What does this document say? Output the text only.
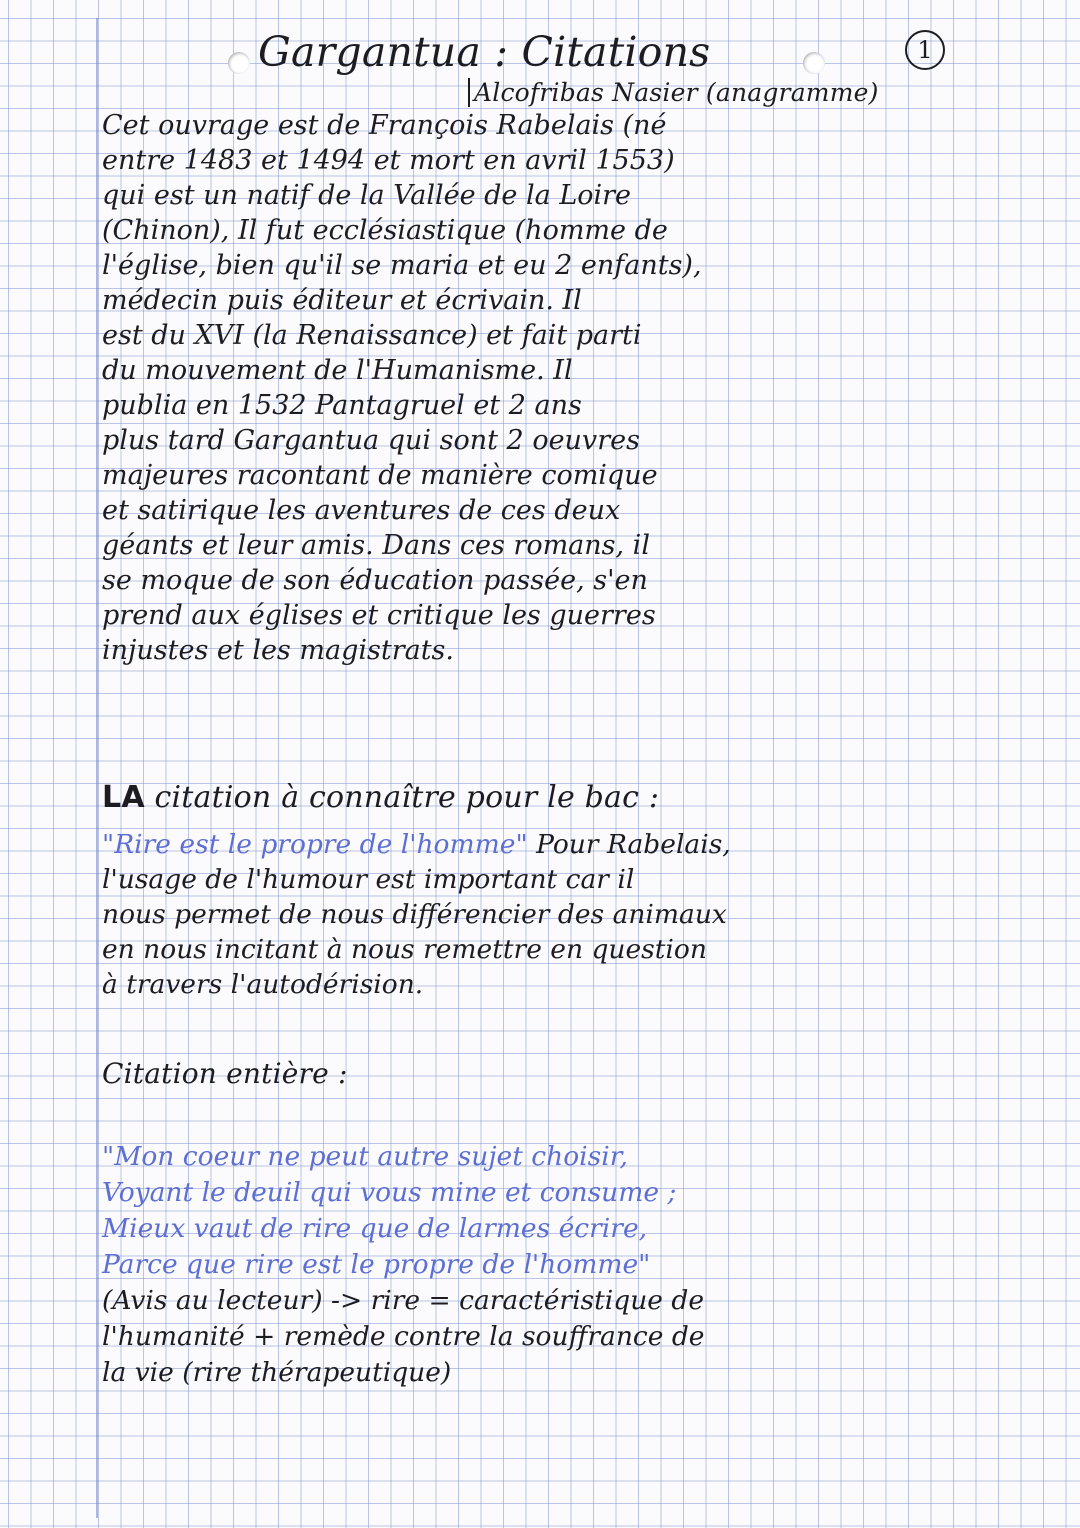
Gargantua : Citations	1
Alcofribas Nasier (anagramme)
Cet ouvrage est de François Rabelais (né
entre 1483 et 1494 et mort en avril 1553)
qui est un natif de la Vallée de la Loire
(Chinon), Il fut ecclésiastique (homme de
l'église, bien qu'il se maria et eu 2 enfants),
médecin puis éditeur et écrivain. Il
est du XVI (la Renaissance) et fait parti
du mouvement de l'Humanisme. Il
publia en 1532 Pantagruel et 2 ans
plus tard Gargantua qui sont 2 oeuvres
majeures racontant de manière comique
et satirique les aventures de ces deux
géants et leur amis. Dans ces romans, il
se moque de son éducation passée, s'en
prend aux églises et critique les guerres
injustes et les magistrats.
LA citation à connaître pour le bac :
"Rire est le propre de l'homme" Pour Rabelais,
l'usage de l'humour est important car il
nous permet de nous différencier des animaux
en nous incitant à nous remettre en question
à travers l'autodérision.
Citation entière :
"Mon coeur ne peut autre sujet choisir,
Voyant le deuil qui vous mine et consume ;
Mieux vaut de rire que de larmes écrire,
Parce que rire est le propre de l'homme"
(Avis au lecteur) -> rire = caractéristique de
l'humanité + remède contre la souffrance de
la vie (rire thérapeutique)
